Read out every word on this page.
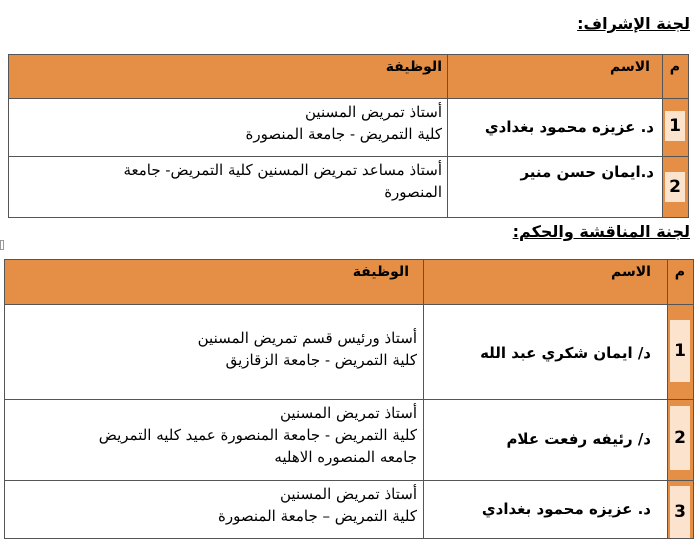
لجنة الإشراف:
1
2
م
الاسم
الوظيفة
د. عزيزه محمود بغدادي
أستاذ تمريض المسنين
كلية التمريض - جامعة المنصورة
د.ايمان حسن منير
أستاذ مساعد تمريض المسنين كلية التمريض- جامعة
المنصورة
لجنة المناقشة والحكم:
1
2
3
م
الاسم
الوظيفة
د/ ايمان شكري عبد الله
أستاذ ورئيس قسم تمريض المسنين
كلية التمريض - جامعة الزقازيق
د/ رئيفه رفعت علام
أستاذ تمريض المسنين
كلية التمريض - جامعة المنصورة عميد كليه التمريض
جامعه المنصوره الاهليه
د. عزيزه محمود بغدادي
أستاذ تمريض المسنين
كلية التمريض – جامعة المنصورة
